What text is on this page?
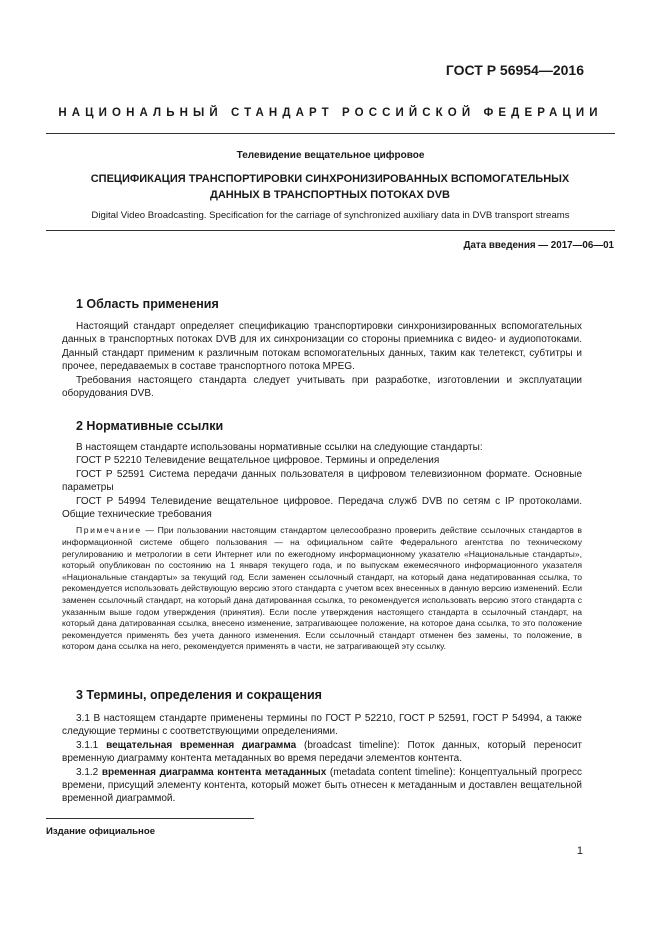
ГОСТ Р 56954—2016
НАЦИОНАЛЬНЫЙ СТАНДАРТ РОССИЙСКОЙ ФЕДЕРАЦИИ
Телевидение вещательное цифровое
СПЕЦИФИКАЦИЯ ТРАНСПОРТИРОВКИ СИНХРОНИЗИРОВАННЫХ ВСПОМОГАТЕЛЬНЫХ ДАННЫХ В ТРАНСПОРТНЫХ ПОТОКАХ DVB
Digital Video Broadcasting. Specification for the carriage of synchronized auxiliary data in DVB transport streams
Дата введения — 2017—06—01
1 Область применения

Настоящий стандарт определяет спецификацию транспортировки синхронизированных вспомогательных данных в транспортных потоках DVB для их синхронизации со стороны приемника с видео- и аудиопотоками. Данный стандарт применим к различным потокам вспомогательных данных, таким как телетекст, субтитры и прочее, передаваемых в составе транспортного потока MPEG.

Требования настоящего стандарта следует учитывать при разработке, изготовлении и эксплуатации оборудования DVB.

2 Нормативные ссылки

В настоящем стандарте использованы нормативные ссылки на следующие стандарты:

ГОСТ Р 52210 Телевидение вещательное цифровое. Термины и определения

ГОСТ Р 52591 Система передачи данных пользователя в цифровом телевизионном формате. Основные параметры

ГОСТ Р 54994 Телевидение вещательное цифровое. Передача служб DVB по сетям с IP протоколами. Общие технические требования

Примечание — При пользовании настоящим стандартом целесообразно проверить действие ссылочных стандартов в информационной системе общего пользования — на официальном сайте Федерального агентства по техническому регулированию и метрологии в сети Интернет или по ежегодному информационному указателю «Национальные стандарты», который опубликован по состоянию на 1 января текущего года, и по выпускам ежемесячного информационного указателя «Национальные стандарты» за текущий год. Если заменен ссылочный стандарт, на который дана недатированная ссылка, то рекомендуется использовать действующую версию этого стандарта с учетом всех внесенных в данную версию изменений. Если заменен ссылочный стандарт, на который дана датированная ссылка, то рекомендуется использовать версию этого стандарта с указанным выше годом утверждения (принятия). Если после утверждения настоящего стандарта в ссылочный стандарт, на который дана датированная ссылка, внесено изменение, затрагивающее положение, на которое дана ссылка, то это положение рекомендуется применять без учета данного изменения. Если ссылочный стандарт отменен без замены, то положение, в котором дана ссылка на него, рекомендуется применять в части, не затрагивающей эту ссылку.

3 Термины, определения и сокращения

3.1 В настоящем стандарте применены термины по ГОСТ Р 52210, ГОСТ Р 52591, ГОСТ Р 54994, а также следующие термины с соответствующими определениями.

3.1.1 вещательная временная диаграмма (broadcast timeline): Поток данных, который переносит временную диаграмму контента метаданных во время передачи элементов контента.

3.1.2 временная диаграмма контента метаданных (metadata content timeline): Концептуальный прогресс времени, присущий элементу контента, который может быть отнесен к метаданным и доставлен вещательной временной диаграммой.

Издание официальное
1
